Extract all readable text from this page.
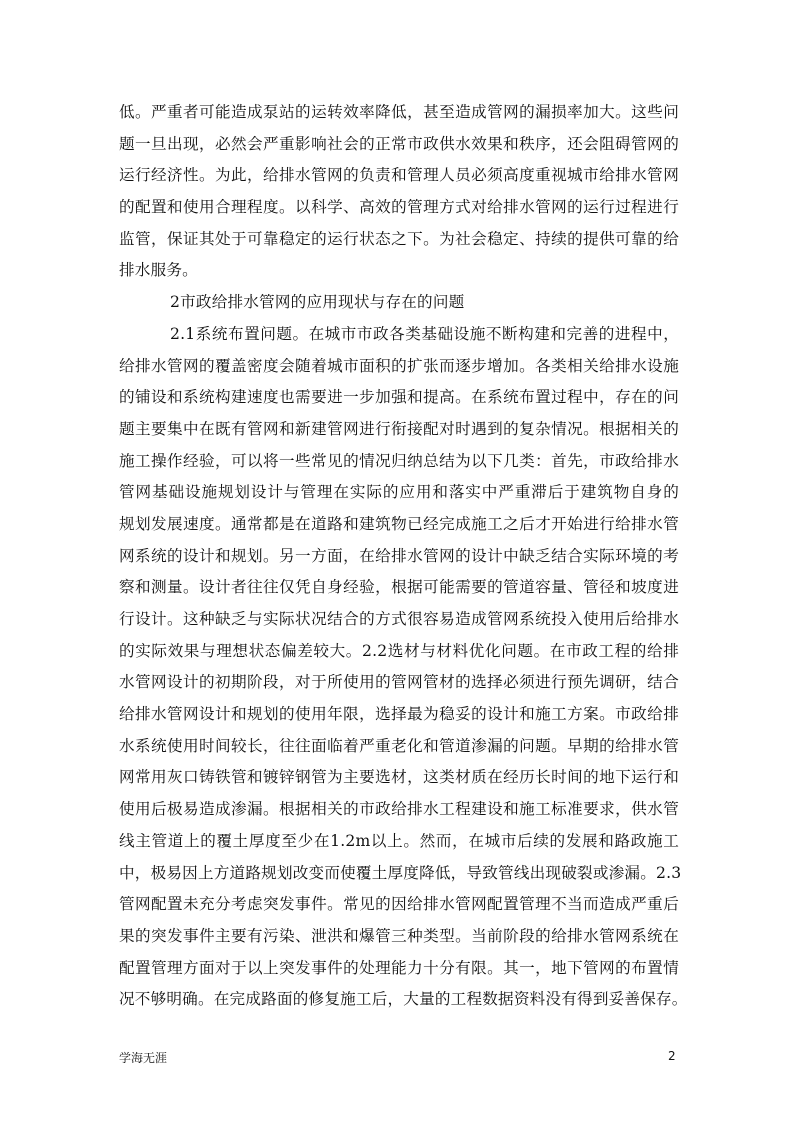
低。严重者可能造成泵站的运转效率降低，甚至造成管网的漏损率加大。这些问
题一旦出现，必然会严重影响社会的正常市政供水效果和秩序，还会阻碍管网的
运行经济性。为此，给排水管网的负责和管理人员必须高度重视城市给排水管网
的配置和使用合理程度。以科学、高效的管理方式对给排水管网的运行过程进行
监管，保证其处于可靠稳定的运行状态之下。为社会稳定、持续的提供可靠的给
排水服务。
2市政给排水管网的应用现状与存在的问题
2.1系统布置问题。在城市市政各类基础设施不断构建和完善的进程中，
给排水管网的覆盖密度会随着城市面积的扩张而逐步增加。各类相关给排水设施
的铺设和系统构建速度也需要进一步加强和提高。在系统布置过程中，存在的问
题主要集中在既有管网和新建管网进行衔接配对时遇到的复杂情况。根据相关的
施工操作经验，可以将一些常见的情况归纳总结为以下几类：首先，市政给排水
管网基础设施规划设计与管理在实际的应用和落实中严重滞后于建筑物自身的
规划发展速度。通常都是在道路和建筑物已经完成施工之后才开始进行给排水管
网系统的设计和规划。另一方面，在给排水管网的设计中缺乏结合实际环境的考
察和测量。设计者往往仅凭自身经验，根据可能需要的管道容量、管径和坡度进
行设计。这种缺乏与实际状况结合的方式很容易造成管网系统投入使用后给排水
的实际效果与理想状态偏差较大。2.2选材与材料优化问题。在市政工程的给排
水管网设计的初期阶段，对于所使用的管网管材的选择必须进行预先调研，结合
给排水管网设计和规划的使用年限，选择最为稳妥的设计和施工方案。市政给排
水系统使用时间较长，往往面临着严重老化和管道渗漏的问题。早期的给排水管
网常用灰口铸铁管和镀锌钢管为主要选材，这类材质在经历长时间的地下运行和
使用后极易造成渗漏。根据相关的市政给排水工程建设和施工标准要求，供水管
线主管道上的覆土厚度至少在1.2m以上。然而，在城市后续的发展和路政施工
中，极易因上方道路规划改变而使覆土厚度降低，导致管线出现破裂或渗漏。2.3
管网配置未充分考虑突发事件。常见的因给排水管网配置管理不当而造成严重后
果的突发事件主要有污染、泄洪和爆管三种类型。当前阶段的给排水管网系统在
配置管理方面对于以上突发事件的处理能力十分有限。其一，地下管网的布置情
况不够明确。在完成路面的修复施工后，大量的工程数据资料没有得到妥善保存。
学海无涯	2
